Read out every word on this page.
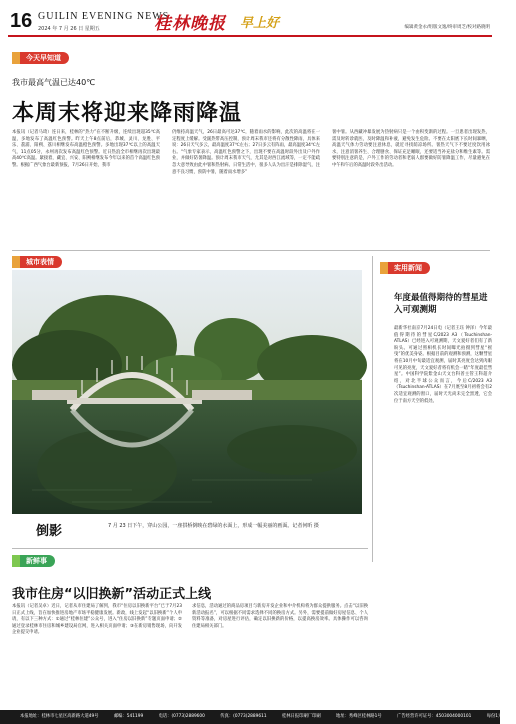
16 GUILIN EVENING NEWS
2024 年 7 月 26 日 星期五	桂林晚报 早上好	编辑黄金永/组版文逸/终审周芝/校对路晓明
今天早知道
我市最高气温已达40℃
本周末将迎来降雨降温
本报讯（记者马琦）连日来，桂林的“热力”在不断升级，连续出现超35℃高温，多地发布了高温红色预警。昨天上午8点前后，恭城、灵川、龙胜、平乐、荔浦、阳朔、荔川相继发布高温橙色预警。多地出现37℃以上的高温天气，11点05分，永州再次发布高温红色预警。近日热浪全市相继再次出现最高40℃高温。紧接着，藏宜、兴安、阳朔相继发布今年以来的首个高温红色预警。根据广西气象台最新预报，7月26日开始，我市
仍维持高温天气，26日最高可达37℃，随着雨水的影响，此次的高温将在一定程度上缓解。受副热带高压控制，预计周末我市还将有分散性降雨，具体来说：26日天气多云，最高温度37℃左右；27日多云有阵雨，最高温度34℃左右。“气象专家表示，高温红色预警之下，出现不要在高温时段外出及户外作业，并做好防暑降温。预计周末我市天气，尤其是对西江流域等，一定不能疏忽大意导致由此中暑和热射病。日常生活中，很多人认为出汗是排除湿气，注意不良习惯，预防中暑，随着雨水增多”
暑中暑。从西藏冲暴发展为热射病只是一个由积变渐的过程。一旦患者出现发热，需及时转诊就医，及时降温和补液，避免发生危险。不要在太阳底下长时间暴晒，高温天气体力劳动要注意休息，就近寻找荫凉场所。暑热天气下不要过度饮用冰水，注意消暑养生、合理膳食、保证充足睡眠，还要适当补充盐分和维生素等。需要特别注意的是，户外工作的劳动者和老弱人群要做好防暑降温工作，尽量避免在中午和午后的高温时段外出活动。
城市表情
倒影	7 月 23 日下午，穿山公园，一座拱桥倒映在碧绿的水面上，形成一幅美丽的画面。记者何昕 摄
实用新闻
年度最值得期待的彗星进入可观测期
最新华社南京7月24日电（记者王珏 钟泽）今年最值得期待的彗星C/2023 A3（Tsuchinshan-ATLAS）已经进入可观测期，天文爱好者们有了新盼头。可通过照相机长时间曝光拍摄到彗星“摇曳”的优美身姿。根据目前的观测和预测，这颗彗星将在10月中旬最适宜观测，届时其亮度会达到肉眼可见的亮度，天文爱好者将有机会一睹“年度最佳彗星”。中国科学院紫金山天文台科普主管王科超介绍，对北半球公众而言，今后C/2023 A3（Tsuchinshan-ATLAS）在7月底至8月初将会有2次适宜观测的窗口，届时天光尚未完全黑透，它会位于南方天空的低处。
新鲜事
我市住房“以旧换新”活动正式上线
本报讯（记者吴卓）近日，记者从市住建局了解到，我市“住房以旧换新平台”已于7月23日正式上线，旨在加快推进房地产市场平稳健康发展。新政，线上发起“以旧换新”个人申请，有以下三种方式：①通过“桂林住建”公众号，进入“住房以旧换新”专题页面申请；②通过登录桂林市住房和城乡建设局官网，进入相关页面申请；③在新房销售现场，向开发企业提交申请。
求信息，活动通过的商品房项目与新房开发企业和中介机构将为群众提供服务。点击“以旧换新活动报名”，可以根据不同需求选择不同的换房方式。另外，需要提前做好房屋信息、个人资料等准备，对房屋进行评估，确定以旧换新的价格，以提高换房效率。具体操作可以咨询住建局相关部门。
本报地址：桂林市七星区高新路大道49号	邮编：541199	电话：(0773)2889600	传真：(0773)2889611	桂林日报印刷厂印刷	地址：秀峰区桂林路1号	广告经营许可证号：4503004000101	每份1元
